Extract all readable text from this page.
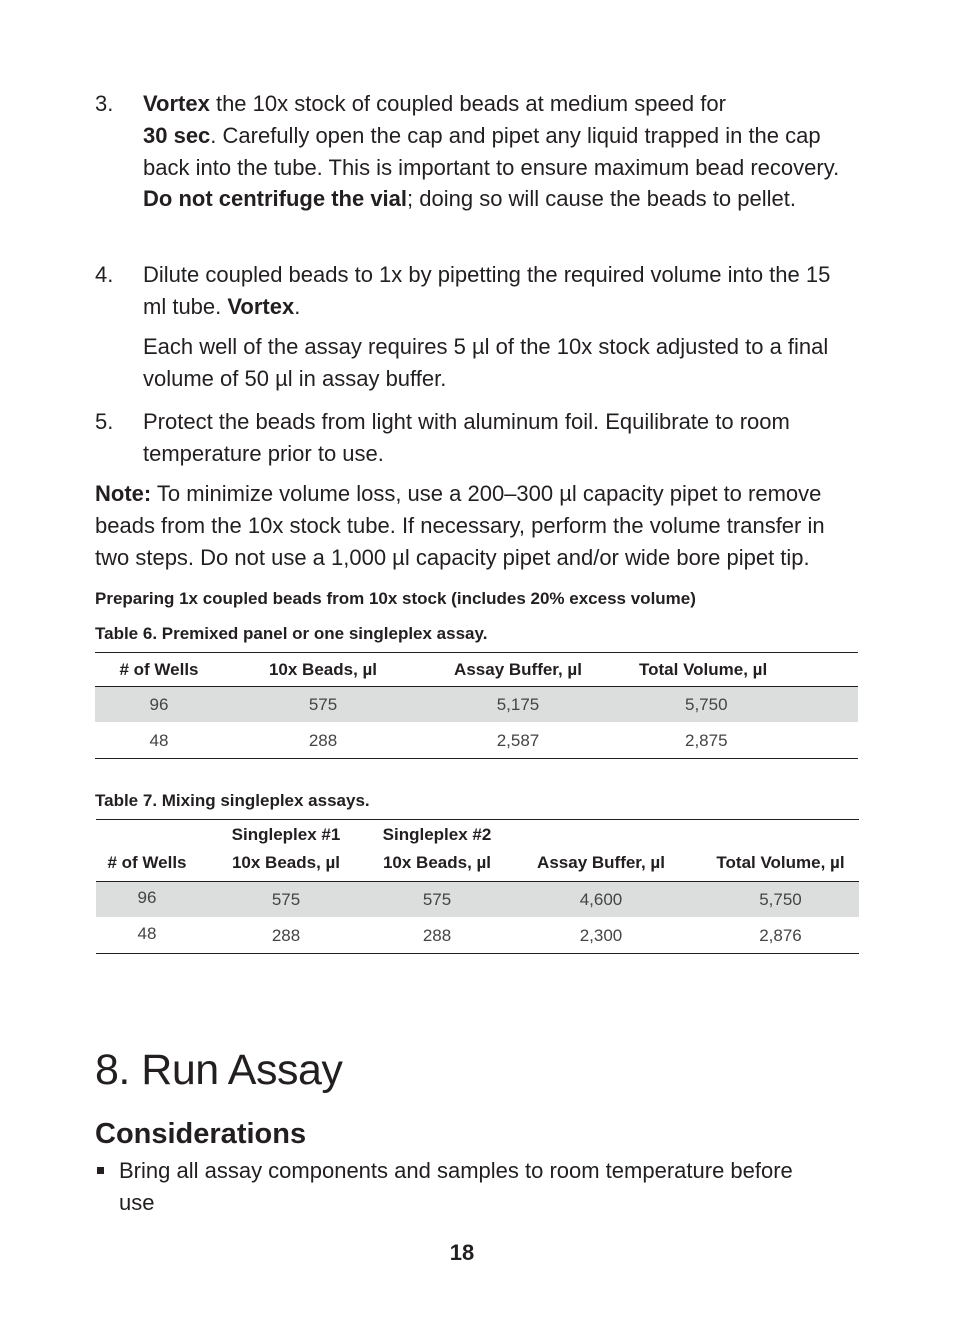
3. Vortex the 10x stock of coupled beads at medium speed for
30 sec. Carefully open the cap and pipet any liquid trapped in the cap back into the tube. This is important to ensure maximum bead recovery. Do not centrifuge the vial; doing so will cause the beads to pellet.
4. Dilute coupled beads to 1x by pipetting the required volume into the 15 ml tube. Vortex.
Each well of the assay requires 5 µl of the 10x stock adjusted to a final volume of 50 µl in assay buffer.
5. Protect the beads from light with aluminum foil. Equilibrate to room temperature prior to use.
Note: To minimize volume loss, use a 200–300 µl capacity pipet to remove beads from the 10x stock tube. If necessary, perform the volume transfer in two steps. Do not use a 1,000 µl capacity pipet and/or wide bore pipet tip.
Preparing 1x coupled beads from 10x stock (includes 20% excess volume)
Table 6. Premixed panel or one singleplex assay.
# of Wells	10x Beads, µl	Assay Buffer, µl	Total Volume, µl
96	575	5,175	5,750
48	288	2,587	2,875
Table 7. Mixing singleplex assays.
	Singleplex #1	Singleplex #2		
# of Wells	10x Beads, µl	10x Beads, µl	Assay Buffer, µl	Total Volume, µl
96	575	575	4,600	5,750
48	288	288	2,300	2,876
8. Run Assay
Considerations
Bring all assay components and samples to room temperature before use
18
